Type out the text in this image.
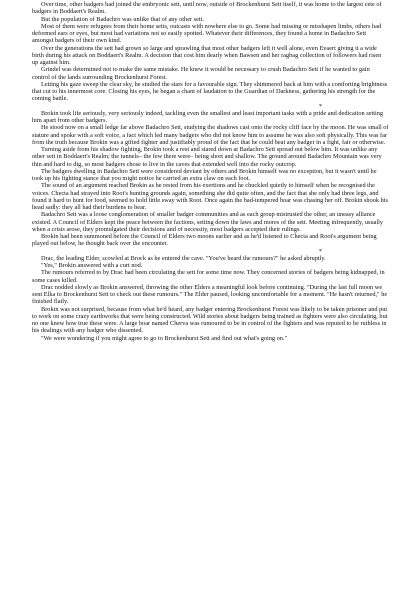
Over time, other badgers had joined the embryonic sett, until now, outside of Brockenhurst Sett itself, it was home to the largest cete of badgers in Boddaert's Realm.

But the population of Badachro was unlike that of any other sett.

Most of them were refugees from their home setts, outcasts with nowhere else to go. Some had missing or misshapen limbs, others had deformed ears or eyes, but most had variations not so easily spotted. Whatever their differences, they found a home in Badachro Sett amongst badgers of their own kind.

Over the generations the sett had grown so large and sprawling that most other badgers left it well alone, even Evaert giving it a wide birth during his attack on Boddaert's Realm. A decision that cost him dearly when Bawsen and her ragbag collection of followers had risen up against him.

Grindel was determined not to make the same mistake. He knew it would be necessary to crush Badachro Sett if he wanted to gain control of the lands surrounding Brockenhurst Forest.

Letting his gaze sweep the clear sky, he studied the stars for a favourable sign. They shimmered back at him with a comforting brightness that cut to his innermost core. Closing his eyes, he began a chant of laudation to the Guardian of Darkness, gathering his strength for the coming battle.

*

Brokin took life seriously, very seriously indeed, tackling even the smallest and least important tasks with a pride and dedication setting him apart from other badgers.

He stood now on a small ledge far above Badachro Sett, studying the shadows cast onto the rocky cliff face by the moon. He was small of stature and spoke with a soft voice, a fact which led many badgers who did not know him to assume he was also soft physically. This was far from the truth because Brokin was a gifted fighter and justifiably proud of the fact that he could beat any badger in a fight, fair or otherwise.

Turning aside from his shadow fighting, Brokin took a rest and stared down at Badachro Sett spread out below him. It was unlike any other sett in Boddaert's Realm; the tunnels– the few there were– being short and shallow. The ground around Badachro Mountain was very thin and hard to dig, so most badgers chose to live in the caves that extended well into the rocky outcrop.

The badgers dwelling in Badachro Sett were considered deviant by others and Brokin himself was no exception, but it wasn't until he took up his fighting stance that you might notice he carried an extra claw on each foot.

The sound of an argument reached Brokin as he rested from his exertions and he chuckled quietly to himself when he recognised the voices. Checta had strayed into Root's hunting grounds again, something she did quite often, and the fact that she only had three legs, and found it hard to hunt for food, seemed to hold little sway with Root. Once again the bad-tempered boar was chasing her off. Brokin shook his head sadly: they all had their burdens to bear.

Badachro Sett was a loose conglomeration of smaller badger communities and as each group mistrusted the other, an uneasy alliance existed. A Council of Elders kept the peace between the factions, setting down the laws and mores of the sett. Meeting infrequently, usually when a crisis arose, they promulgated their decisions and of necessity, most badgers accepted their rulings.

Brokin had been summoned before the Council of Elders two moons earlier and as he'd listened to Checta and Root's argument being played out below, he thought back over the encounter.

*

Drac, the leading Elder, scowled at Brock as he entered the cave. "You've heard the rumours?" he asked abruptly.

"Yes," Brokin answered with a curt nod.

The rumours referred to by Drac had been circulating the sett for some time now. They concerned stories of badgers being kidnapped, in some cases killed.

Drac nodded slowly as Brokin answered, throwing the other Elders a meaningful look before continuing. "During the last full moon we sent Elka to Brockenhurst Sett to check out these rumours." The Elder paused, looking uncomfortable for a moment. "He hasn't returned," he finished flatly.

Brokin was not surprised, because from what he'd heard, any badger entering Brockenhurst Forest was likely to be taken prisoner and put to work on some crazy earthworks that were being constructed. Wild stories about badgers being trained as fighters were also circulating, but no one knew how true these were. A large boar named Cherva was rumoured to be in control of the fighters and was reputed to be ruthless in his dealings with any badger who dissented.

"We were wondering if you might agree to go to Brockenhurst Sett and find out what's going on."
